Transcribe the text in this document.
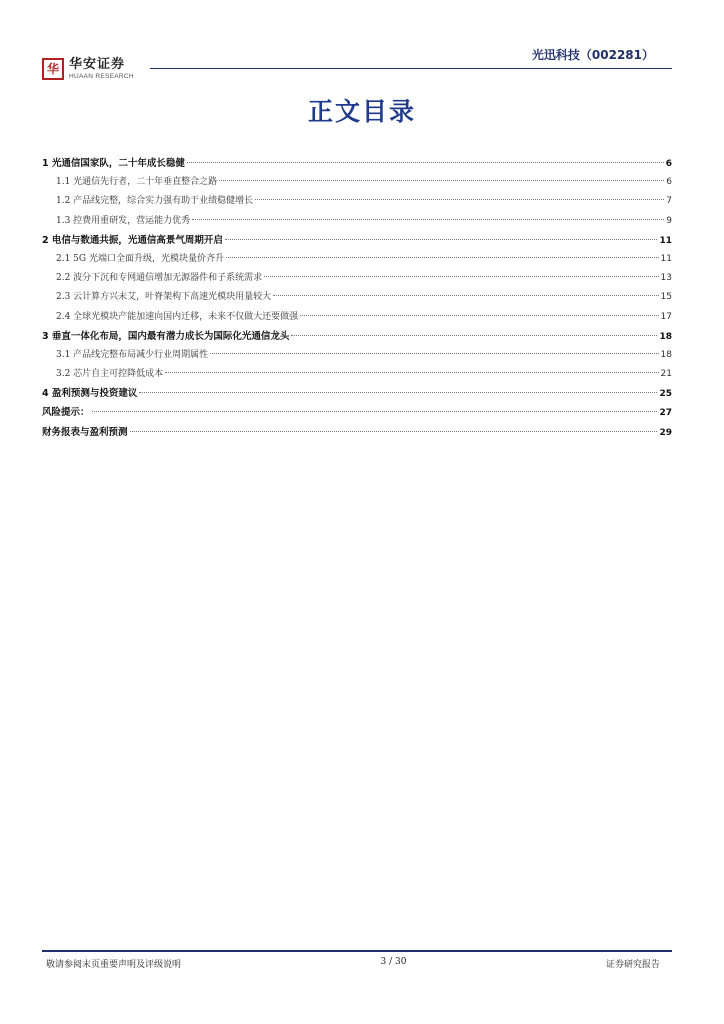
华 华安证券
HUAAN RESEARCH
光迅科技（002281）
正文目录
1 光通信国家队，二十年成长稳健	6
1.1 光通信先行者，二十年垂直整合之路	6
1.2 产品线完整，综合实力强有助于业绩稳健增长	7
1.3 控费用重研发，营运能力优秀	9
2 电信与数通共振，光通信高景气周期开启	11
2.1 5G 光端口全面升级，光模块量价齐升	11
2.2 波分下沉和专网通信增加无源器件和子系统需求	13
2.3 云计算方兴未艾，叶脊架构下高速光模块用量较大	15
2.4 全球光模块产能加速向国内迁移，未来不仅做大还要做强	17
3 垂直一体化布局，国内最有潜力成长为国际化光通信龙头	18
3.1 产品线完整布局减少行业周期属性	18
3.2 芯片自主可控降低成本	21
4 盈利预测与投资建议	25
风险提示：	27
财务报表与盈利预测	29
敬请参阅末页重要声明及评级说明	3 / 30	证券研究报告
